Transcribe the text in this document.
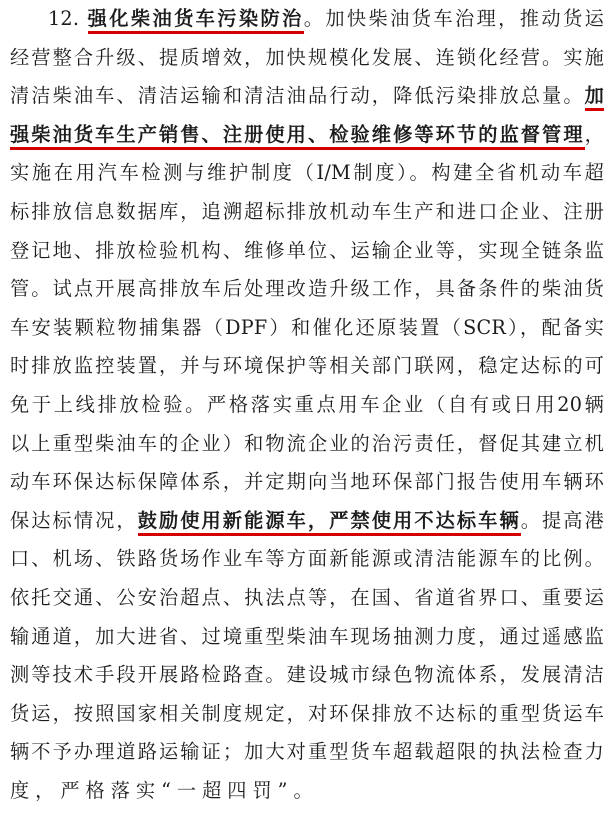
12. 强化柴油货车污染防治。加快柴油货车治理，推动货运
经营整合升级、提质增效，加快规模化发展、连锁化经营。实施
清洁柴油车、清洁运输和清洁油品行动，降低污染排放总量。加
强柴油货车生产销售、注册使用、检验维修等环节的监督管理，
实施在用汽车检测与维护制度（I/M制度）。构建全省机动车超
标排放信息数据库，追溯超标排放机动车生产和进口企业、注册
登记地、排放检验机构、维修单位、运输企业等，实现全链条监
管。试点开展高排放车后处理改造升级工作，具备条件的柴油货
车安装颗粒物捕集器（DPF）和催化还原装置（SCR），配备实
时排放监控装置，并与环境保护等相关部门联网，稳定达标的可
免于上线排放检验。严格落实重点用车企业（自有或日用20辆
以上重型柴油车的企业）和物流企业的治污责任，督促其建立机
动车环保达标保障体系，并定期向当地环保部门报告使用车辆环
保达标情况，鼓励使用新能源车，严禁使用不达标车辆。提高港
口、机场、铁路货场作业车等方面新能源或清洁能源车的比例。
依托交通、公安治超点、执法点等，在国、省道省界口、重要运
输通道，加大进省、过境重型柴油车现场抽测力度，通过遥感监
测等技术手段开展路检路查。建设城市绿色物流体系，发展清洁
货运，按照国家相关制度规定，对环保排放不达标的重型货运车
辆不予办理道路运输证；加大对重型货车超载超限的执法检查力
度，严格落实“一超四罚”。
